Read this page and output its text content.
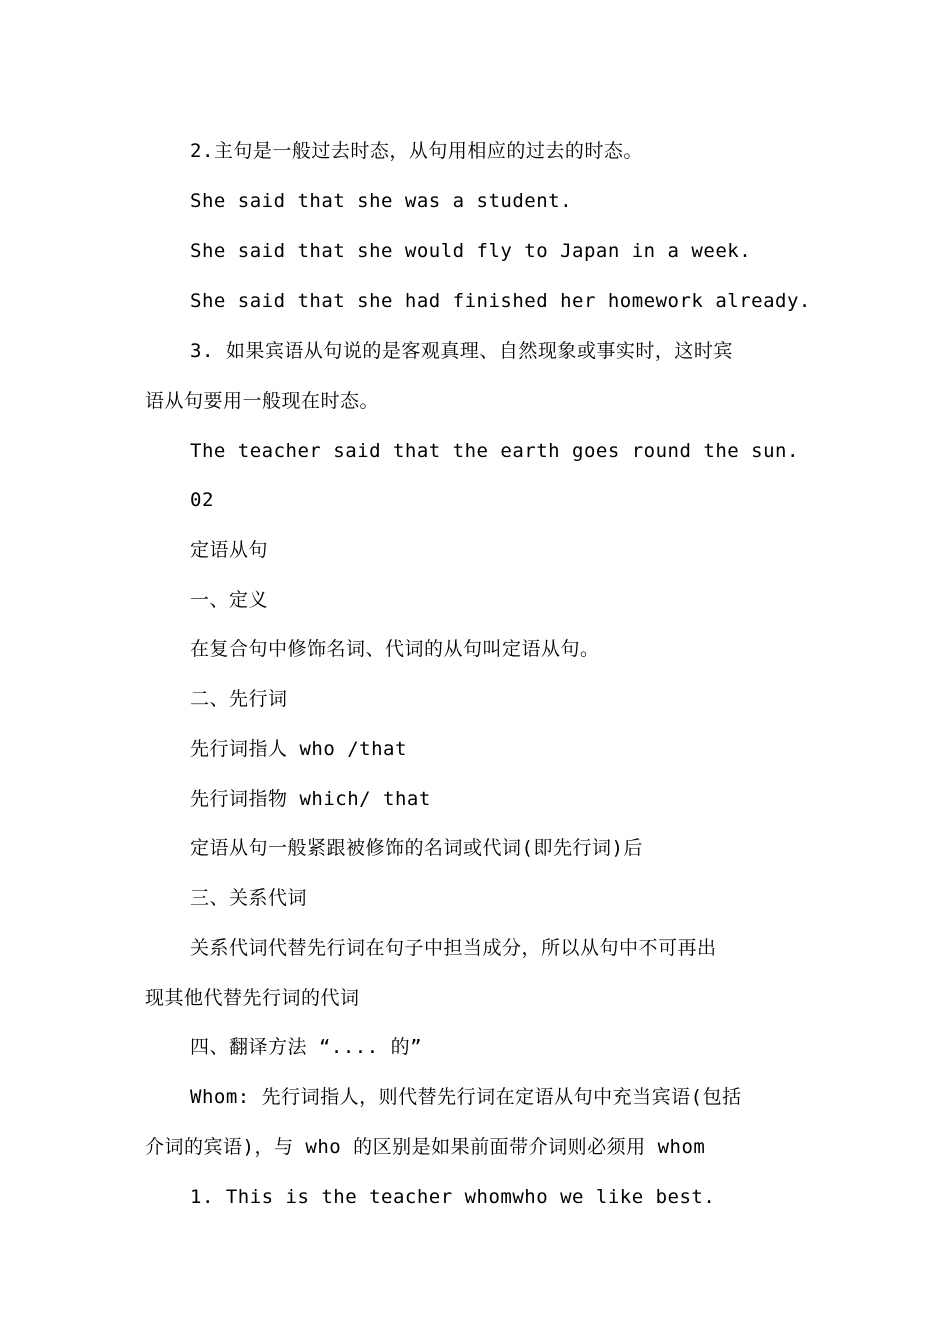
2.主句是一般过去时态，从句用相应的过去的时态。
She said that she was a student.
She said that she would fly to Japan in a week.
She said that she had finished her homework already.
3. 如果宾语从句说的是客观真理、自然现象或事实时，这时宾
语从句要用一般现在时态。
The teacher said that the earth goes round the sun.
02
定语从句
一、定义
在复合句中修饰名词、代词的从句叫定语从句。
二、先行词
先行词指人 who /that
先行词指物 which/ that
定语从句一般紧跟被修饰的名词或代词(即先行词)后
三、关系代词
关系代词代替先行词在句子中担当成分，所以从句中不可再出
现其他代替先行词的代词
四、翻译方法 “.... 的”
Whom: 先行词指人，则代替先行词在定语从句中充当宾语(包括
介词的宾语)，与 who 的区别是如果前面带介词则必须用 whom
1. This is the teacher whomwho we like best.
